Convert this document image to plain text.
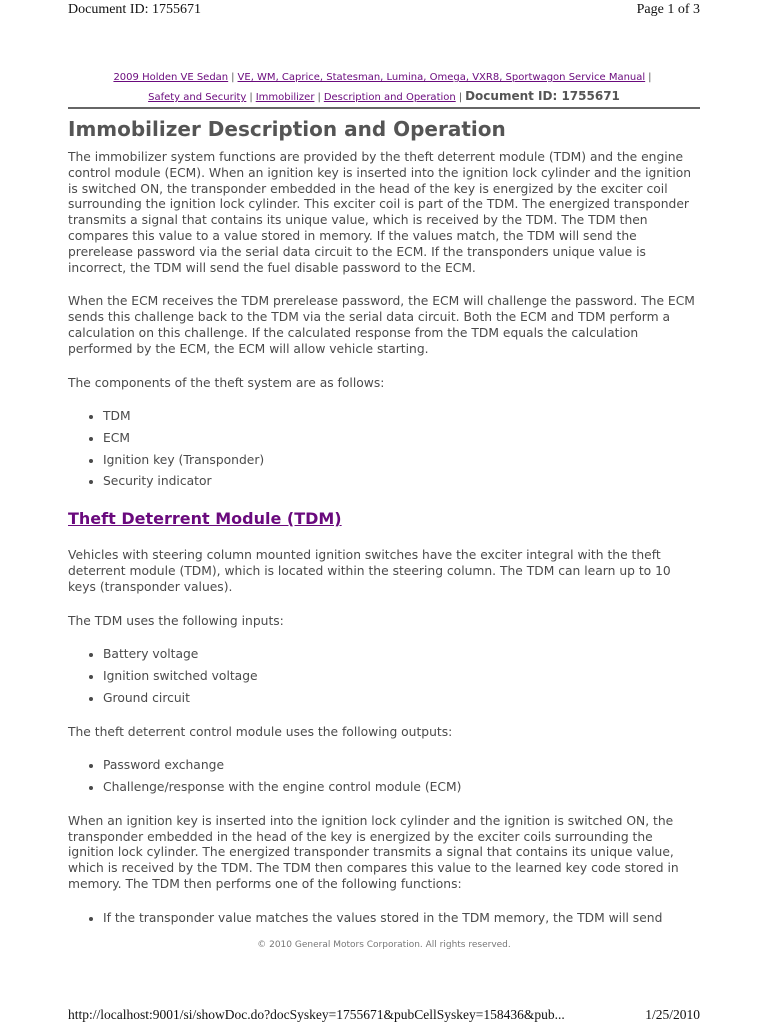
Document ID: 1755671	Page 1 of 3
2009 Holden VE Sedan | VE, WM, Caprice, Statesman, Lumina, Omega, VXR8, Sportwagon Service Manual |
Safety and Security | Immobilizer | Description and Operation | Document ID: 1755671
Immobilizer Description and Operation

The immobilizer system functions are provided by the theft deterrent module (TDM) and the engine control module (ECM). When an ignition key is inserted into the ignition lock cylinder and the ignition is switched ON, the transponder embedded in the head of the key is energized by the exciter coil surrounding the ignition lock cylinder. This exciter coil is part of the TDM. The energized transponder transmits a signal that contains its unique value, which is received by the TDM. The TDM then compares this value to a value stored in memory. If the values match, the TDM will send the prerelease password via the serial data circuit to the ECM. If the transponders unique value is incorrect, the TDM will send the fuel disable password to the ECM.

When the ECM receives the TDM prerelease password, the ECM will challenge the password. The ECM sends this challenge back to the TDM via the serial data circuit. Both the ECM and TDM perform a calculation on this challenge. If the calculated response from the TDM equals the calculation performed by the ECM, the ECM will allow vehicle starting.

The components of the theft system are as follows:

• TDM
• ECM
• Ignition key (Transponder)
• Security indicator
Theft Deterrent Module (TDM)

Vehicles with steering column mounted ignition switches have the exciter integral with the theft deterrent module (TDM), which is located within the steering column. The TDM can learn up to 10 keys (transponder values).

The TDM uses the following inputs:

• Battery voltage
• Ignition switched voltage
• Ground circuit

The theft deterrent control module uses the following outputs:

• Password exchange
• Challenge/response with the engine control module (ECM)

When an ignition key is inserted into the ignition lock cylinder and the ignition is switched ON, the transponder embedded in the head of the key is energized by the exciter coils surrounding the ignition lock cylinder. The energized transponder transmits a signal that contains its unique value, which is received by the TDM. The TDM then compares this value to the learned key code stored in memory. The TDM then performs one of the following functions:

• If the transponder value matches the values stored in the TDM memory, the TDM will send
© 2010 General Motors Corporation. All rights reserved.
http://localhost:9001/si/showDoc.do?docSyskey=1755671&pubCellSyskey=158436&pub...	1/25/2010
